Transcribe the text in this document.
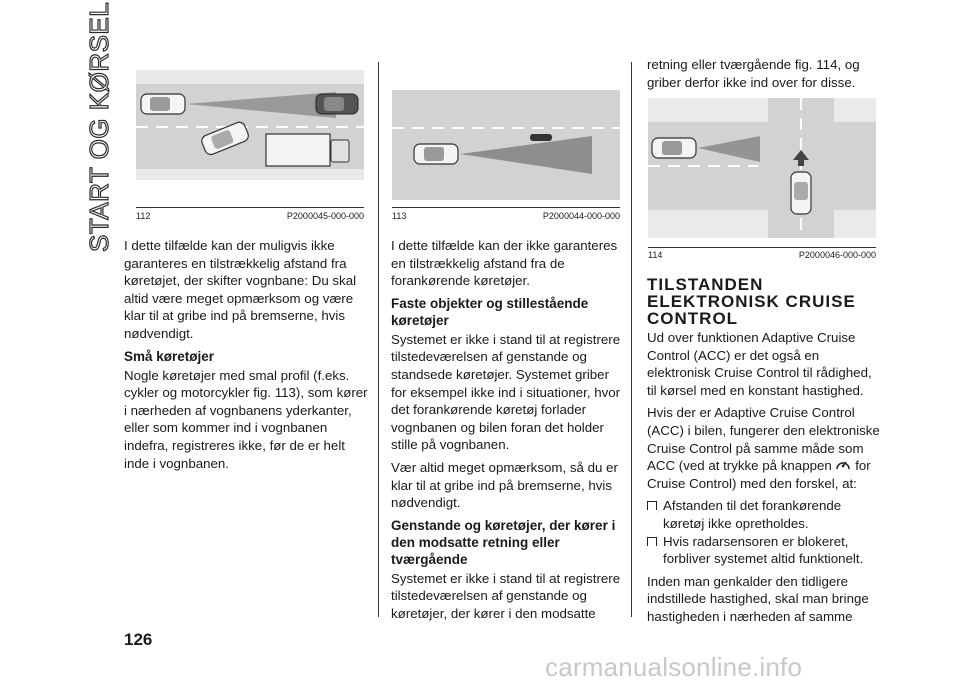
START OG KØRSEL 112	P2000045-000-000	113	P2000044-000-000
114	P2000046-000-000

I dette tilfælde kan der muligvis ikke garanteres en tilstrækkelig afstand fra køretøjet, der skifter vognbane: Du skal altid være meget opmærksom og være klar til at gribe ind på bremserne, hvis nødvendigt.

Små køretøjer

Nogle køretøjer med smal profil (f.eks. cykler og motorcykler fig. 113), som kører i nærheden af vognbanens yderkanter, eller som kommer ind i vognbanen indefra, registreres ikke, før de er helt inde i vognbanen.

I dette tilfælde kan der ikke garanteres en tilstrækkelig afstand fra de forankørende køretøjer.

Faste objekter og stillestående køretøjer

Systemet er ikke i stand til at registrere tilstedeværelsen af genstande og standsede køretøjer. Systemet griber for eksempel ikke ind i situationer, hvor det forankørende køretøj forlader vognbanen og bilen foran det holder stille på vognbanen.

Vær altid meget opmærksom, så du er klar til at gribe ind på bremserne, hvis nødvendigt.

Genstande og køretøjer, der kører i den modsatte retning eller tværgående

Systemet er ikke i stand til at registrere tilstedeværelsen af genstande og køretøjer, der kører i den modsatte

retning eller tværgående fig. 114, og griber derfor ikke ind over for disse.

TILSTANDEN ELEKTRONISK CRUISE CONTROL

Ud over funktionen Adaptive Cruise Control (ACC) er det også en elektronisk Cruise Control til rådighed, til kørsel med en konstant hastighed.

Hvis der er Adaptive Cruise Control (ACC) i bilen, fungerer den elektroniske Cruise Control på samme måde som ACC (ved at trykke på knappen for Cruise Control) med den forskel, at:

Afstanden til det forankørende køretøj ikke opretholdes.
Hvis radarsensoren er blokeret, forbliver systemet altid funktionelt.

Inden man genkalder den tidligere indstillede hastighed, skal man bringe hastigheden i nærheden af samme

126
carmanualsonline.info
